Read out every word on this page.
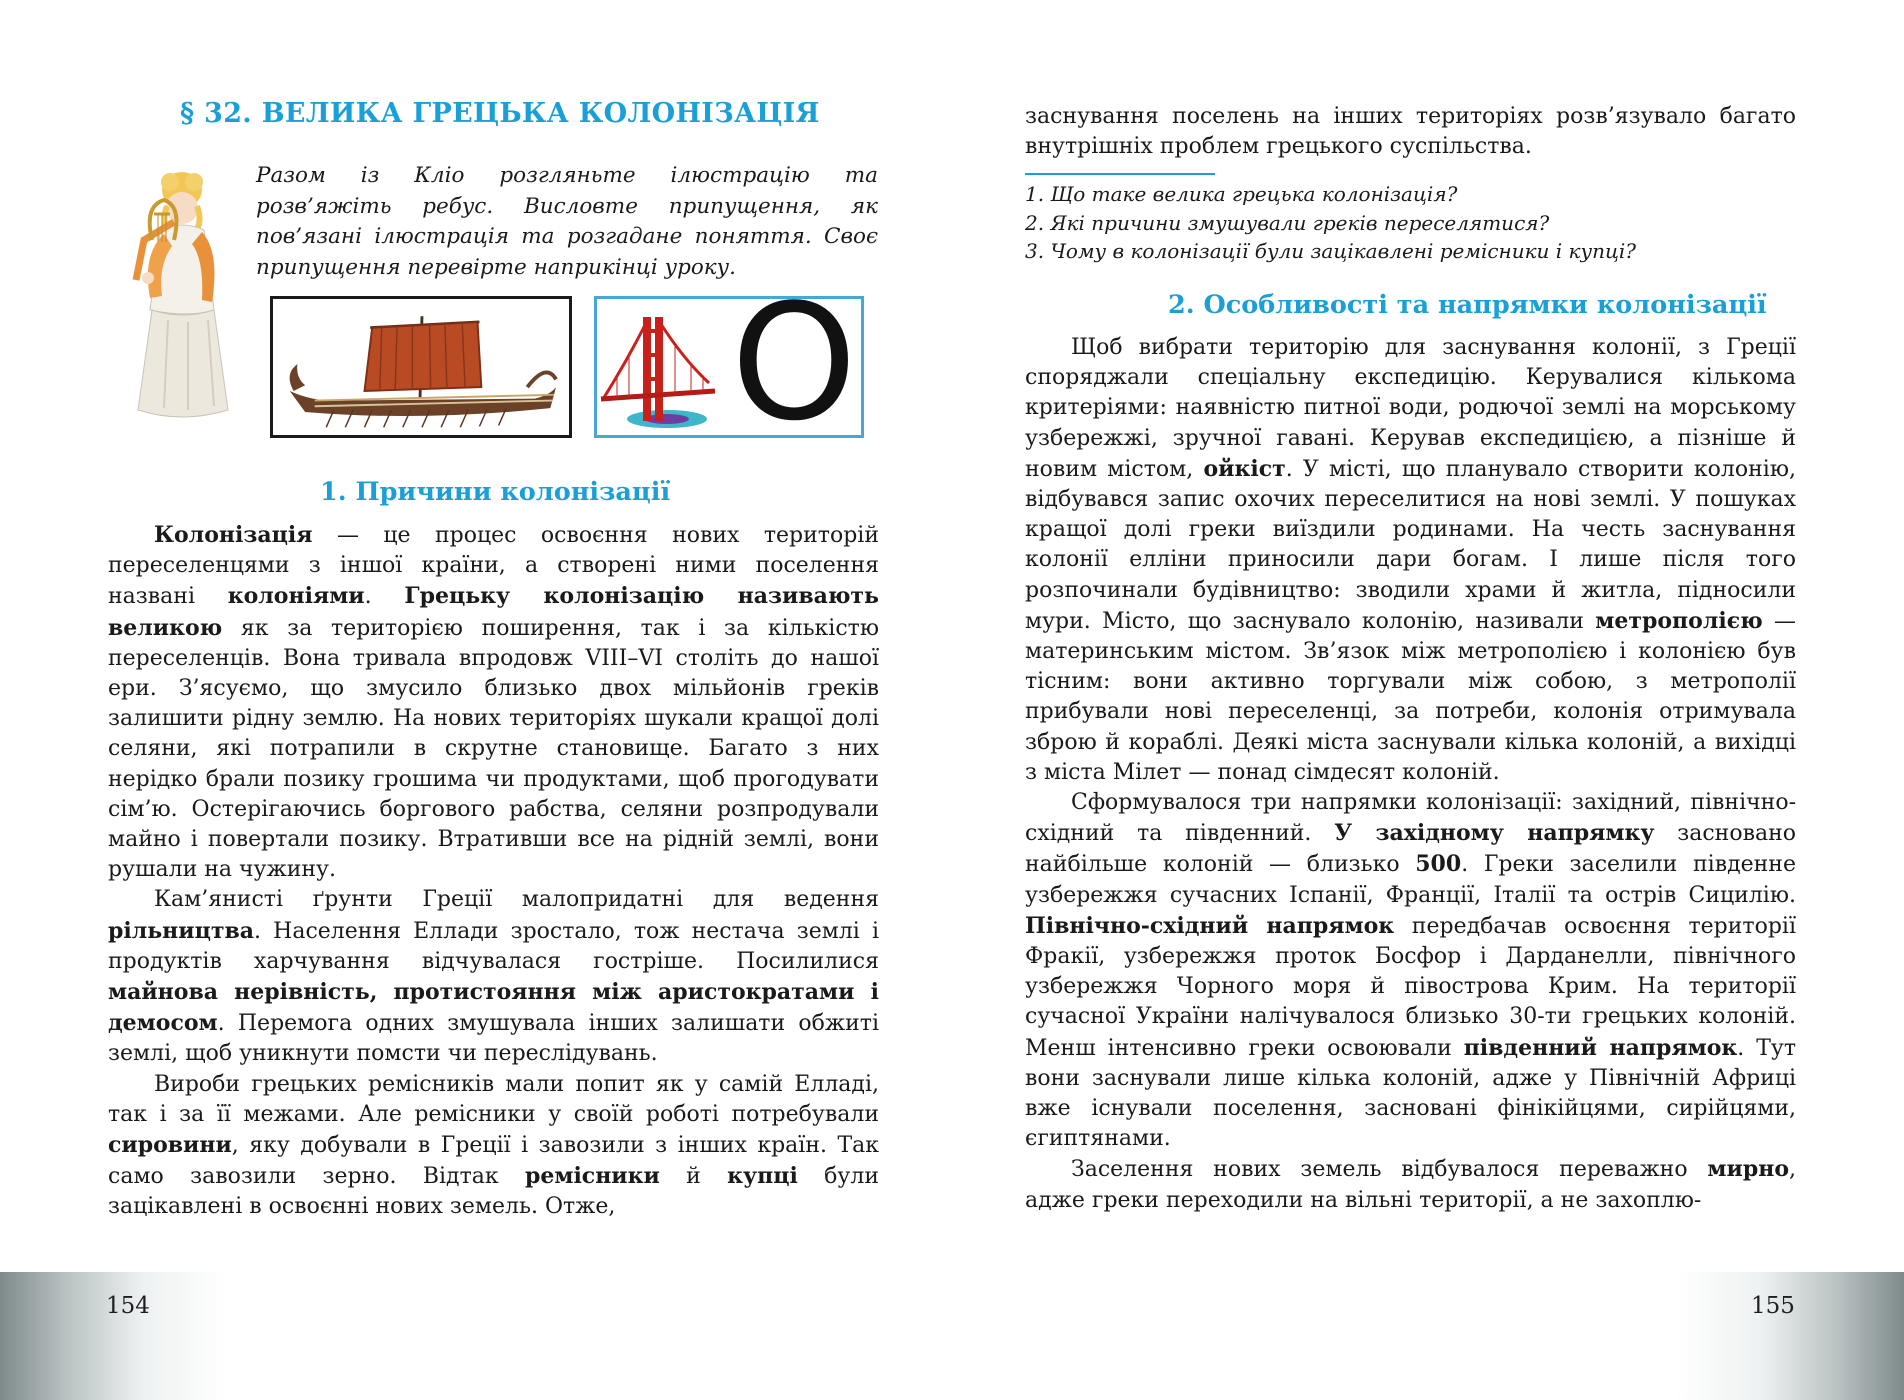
§ 32. ВЕЛИКА ГРЕЦЬКА КОЛОНІЗАЦІЯ
Разом із Кліо розгляньте ілюстрацію та розв’яжіть ребус. Висловте припущення, як пов’язані ілюстрація та розгадане поняття. Своє припущення перевірте наприкінці уроку.
О
1. Причини колонізації

Колонізація — це процес освоєння нових територій переселенцями з іншої країни, а створені ними поселення названі колоніями. Грецьку колонізацію називають великою як за територією поширення, так і за кількістю переселенців. Вона тривала впродовж VIII–VI століть до нашої ери. З’ясуємо, що змусило близько двох мільйонів греків залишити рідну землю. На нових територіях шукали кращої долі селяни, які потрапили в скрутне становище. Багато з них нерідко брали позику грошима чи продуктами, щоб прогодувати сім’ю. Остерігаючись боргового рабства, селяни розпродували майно і повертали позику. Втративши все на рідній землі, вони рушали на чужину.

Кам’янисті ґрунти Греції малопридатні для ведення рільництва. Населення Еллади зростало, тож нестача землі і продуктів харчування відчувалася гостріше. Посилилися майнова нерівність, протистояння між аристократами і демосом. Перемога одних змушувала інших залишати обжиті землі, щоб уникнути помсти чи переслідувань.

Вироби грецьких ремісників мали попит як у самій Елладі, так і за її межами. Але ремісники у своїй роботі потребували сировини, яку добували в Греції і завозили з інших країн. Так само завозили зерно. Відтак ремісники й купці були зацікавлені в освоєнні нових земель. Отже,

154

заснування поселень на інших територіях розв’язувало багато внутрішніх проблем грецького суспільства.

1. Що таке велика грецька колонізація?
2. Які причини змушували греків переселятися?
3. Чому в колонізації були зацікавлені ремісники і купці?
2. Особливості та напрямки колонізації

Щоб вибрати територію для заснування колонії, з Греції споряджали спеціальну експедицію. Керувалися кількома критеріями: наявністю питної води, родючої землі на морському узбережжі, зручної гавані. Керував експедицією, а пізніше й новим містом, ойкіст. У місті, що планувало створити колонію, відбувався запис охочих переселитися на нові землі. У пошуках кращої долі греки виїздили родинами. На честь заснування колонії елліни приносили дари богам. І лише після того розпочинали будівництво: зводили храми й житла, підносили мури. Місто, що заснувало колонію, називали метрополією — материнським містом. Зв’язок між метрополією і колонією був тісним: вони активно торгували між собою, з метрополії прибували нові переселенці, за потреби, колонія отримувала зброю й кораблі. Деякі міста заснували кілька колоній, а вихідці з міста Мілет — понад сімдесят колоній.

Сформувалося три напрямки колонізації: західний, північно-східний та південний. У західному напрямку засновано найбільше колоній — близько 500. Греки заселили південне узбережжя сучасних Іспанії, Франції, Італії та острів Сицилію. Північно-східний напрямок передбачав освоєння території Фракії, узбережжя проток Босфор і Дарданелли, північного узбережжя Чорного моря й півострова Крим. На території сучасної України налічувалося близько 30-ти грецьких колоній. Менш інтенсивно греки освоювали південний напрямок. Тут вони заснували лише кілька колоній, адже у Північній Африці вже існували поселення, засновані фінікійцями, сирійцями, єгиптянами.

Заселення нових земель відбувалося переважно мирно, адже греки переходили на вільні території, а не захоплю-

155
